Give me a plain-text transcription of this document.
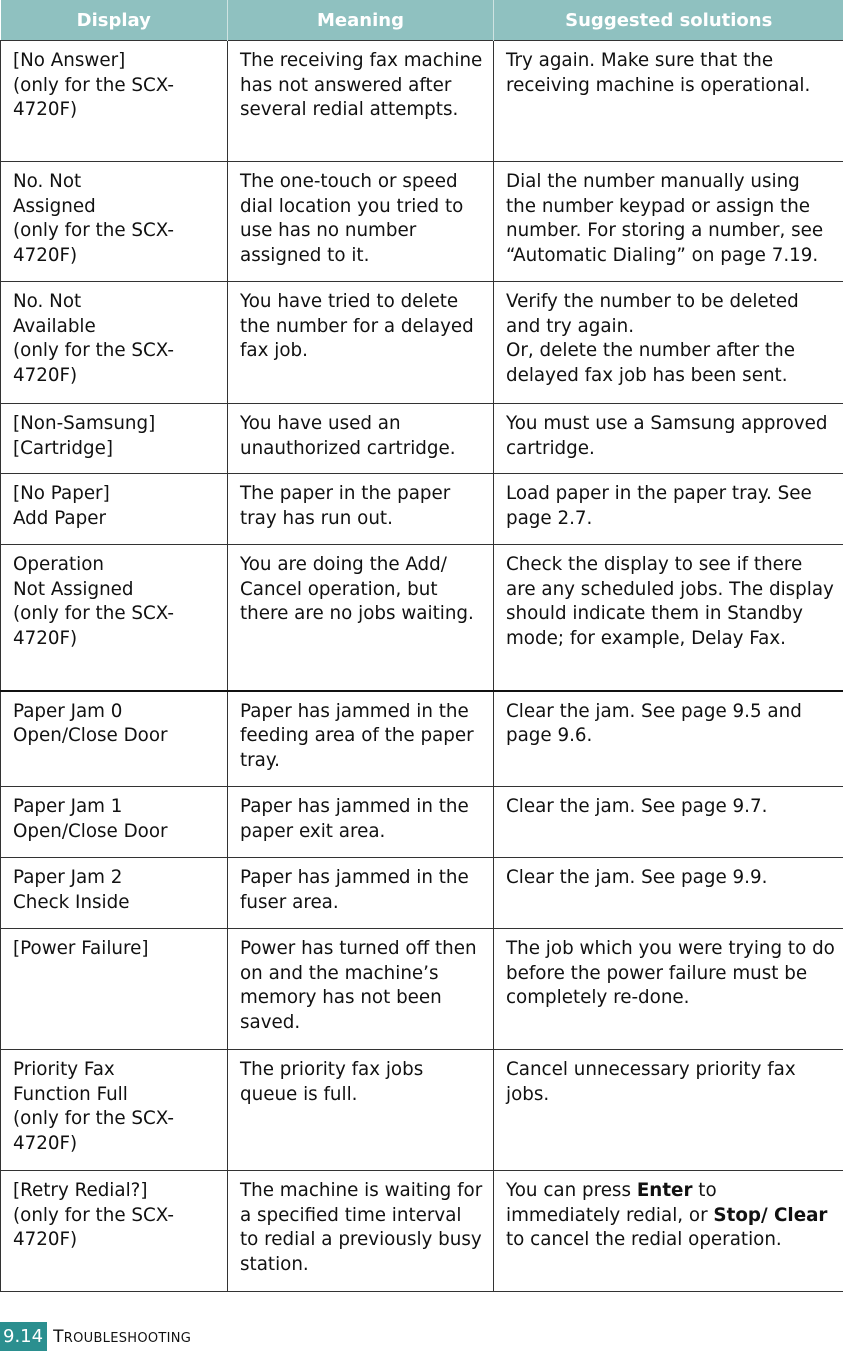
Display	Meaning	Suggested solutions
[No Answer]
(only for the SCX-4720F)	The receiving fax machine has not answered after several redial attempts.	Try again. Make sure that the receiving machine is operational.
No. Not
Assigned
(only for the SCX-4720F)	The one-touch or speed dial location you tried to use has no number assigned to it.	Dial the number manually using the number keypad or assign the number. For storing a number, see “Automatic Dialing” on page 7.19.
No. Not
Available
(only for the SCX-4720F)	You have tried to delete the number for a delayed fax job.	Verify the number to be deleted and try again.
Or, delete the number after the delayed fax job has been sent.
[Non-Samsung]
[Cartridge]	You have used an unauthorized cartridge.	You must use a Samsung approved cartridge.
[No Paper]
Add Paper	The paper in the paper tray has run out.	Load paper in the paper tray. See page 2.7.
Operation
Not Assigned
(only for the SCX-4720F)	You are doing the Add/ Cancel operation, but there are no jobs waiting.	Check the display to see if there are any scheduled jobs. The display should indicate them in Standby mode; for example, Delay Fax.
Paper Jam 0
Open/Close Door	Paper has jammed in the feeding area of the paper tray.	Clear the jam. See page 9.5 and page 9.6.
Paper Jam 1
Open/Close Door	Paper has jammed in the paper exit area.	Clear the jam. See page 9.7.
Paper Jam 2
Check Inside	Paper has jammed in the fuser area.	Clear the jam. See page 9.9.
[Power Failure]	Power has turned off then on and the machine’s memory has not been saved.	The job which you were trying to do before the power failure must be completely re-done.
Priority Fax
Function Full
(only for the SCX-4720F)	The priority fax jobs queue is full.	Cancel unnecessary priority fax jobs.
[Retry Redial?]
(only for the SCX-4720F)	The machine is waiting for a specified time interval to redial a previously busy station.	You can press Enter to immediately redial, or Stop/ Clear to cancel the redial operation.
9.14 TROUBLESHOOTING
